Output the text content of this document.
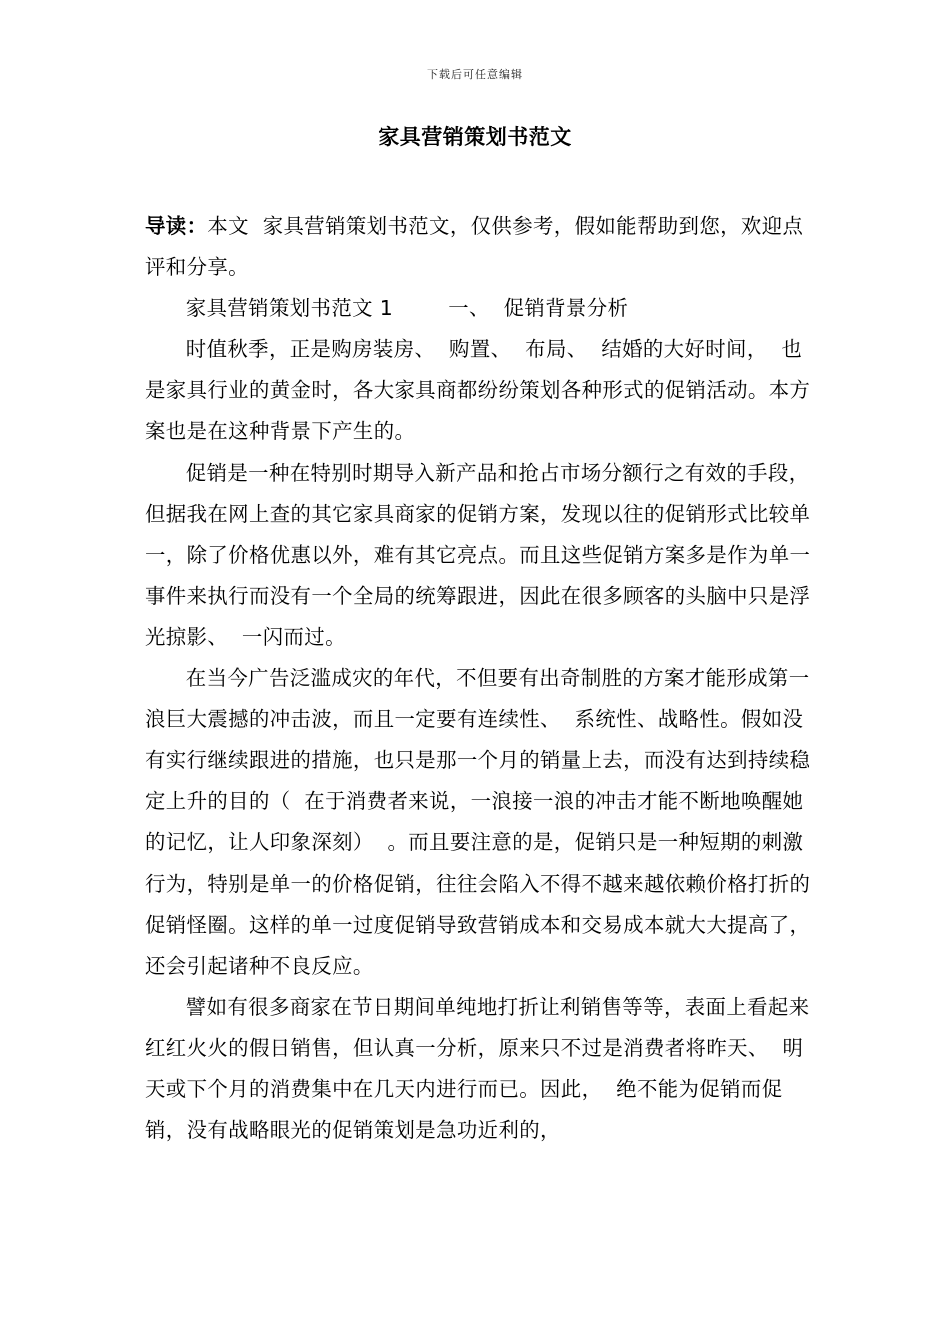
下载后可任意编辑
家具营销策划书范文

导读：本文  家具营销策划书范文，仅供参考，假如能帮助到您，欢迎点评和分享。

家具营销策划书范文 1        一、  促销背景分析

时值秋季，正是购房装房、  购置、  布局、  结婚的大好时间，  也是家具行业的黄金时，各大家具商都纷纷策划各种形式的促销活动。本方案也是在这种背景下产生的。

促销是一种在特别时期导入新产品和抢占市场分额行之有效的手段，但据我在网上查的其它家具商家的促销方案，发现以往的促销形式比较单一，除了价格优惠以外，难有其它亮点。而且这些促销方案多是作为单一事件来执行而没有一个全局的统筹跟进，因此在很多顾客的头脑中只是浮光掠影、  一闪而过。

在当今广告泛滥成灾的年代，不但要有出奇制胜的方案才能形成第一浪巨大震撼的冲击波，而且一定要有连续性、  系统性、战略性。假如没有实行继续跟进的措施，也只是那一个月的销量上去，而没有达到持续稳定上升的目的（  在于消费者来说，一浪接一浪的冲击才能不断地唤醒她的记忆，让人印象深刻）  。而且要注意的是，促销只是一种短期的刺激行为，特别是单一的价格促销，往往会陷入不得不越来越依赖价格打折的促销怪圈。这样的单一过度促销导致营销成本和交易成本就大大提高了，还会引起诸种不良反应。

譬如有很多商家在节日期间单纯地打折让利销售等等，表面上看起来红红火火的假日销售，但认真一分析，原来只不过是消费者将昨天、  明天或下个月的消费集中在几天内进行而已。因此，  绝不能为促销而促销，没有战略眼光的促销策划是急功近利的，
